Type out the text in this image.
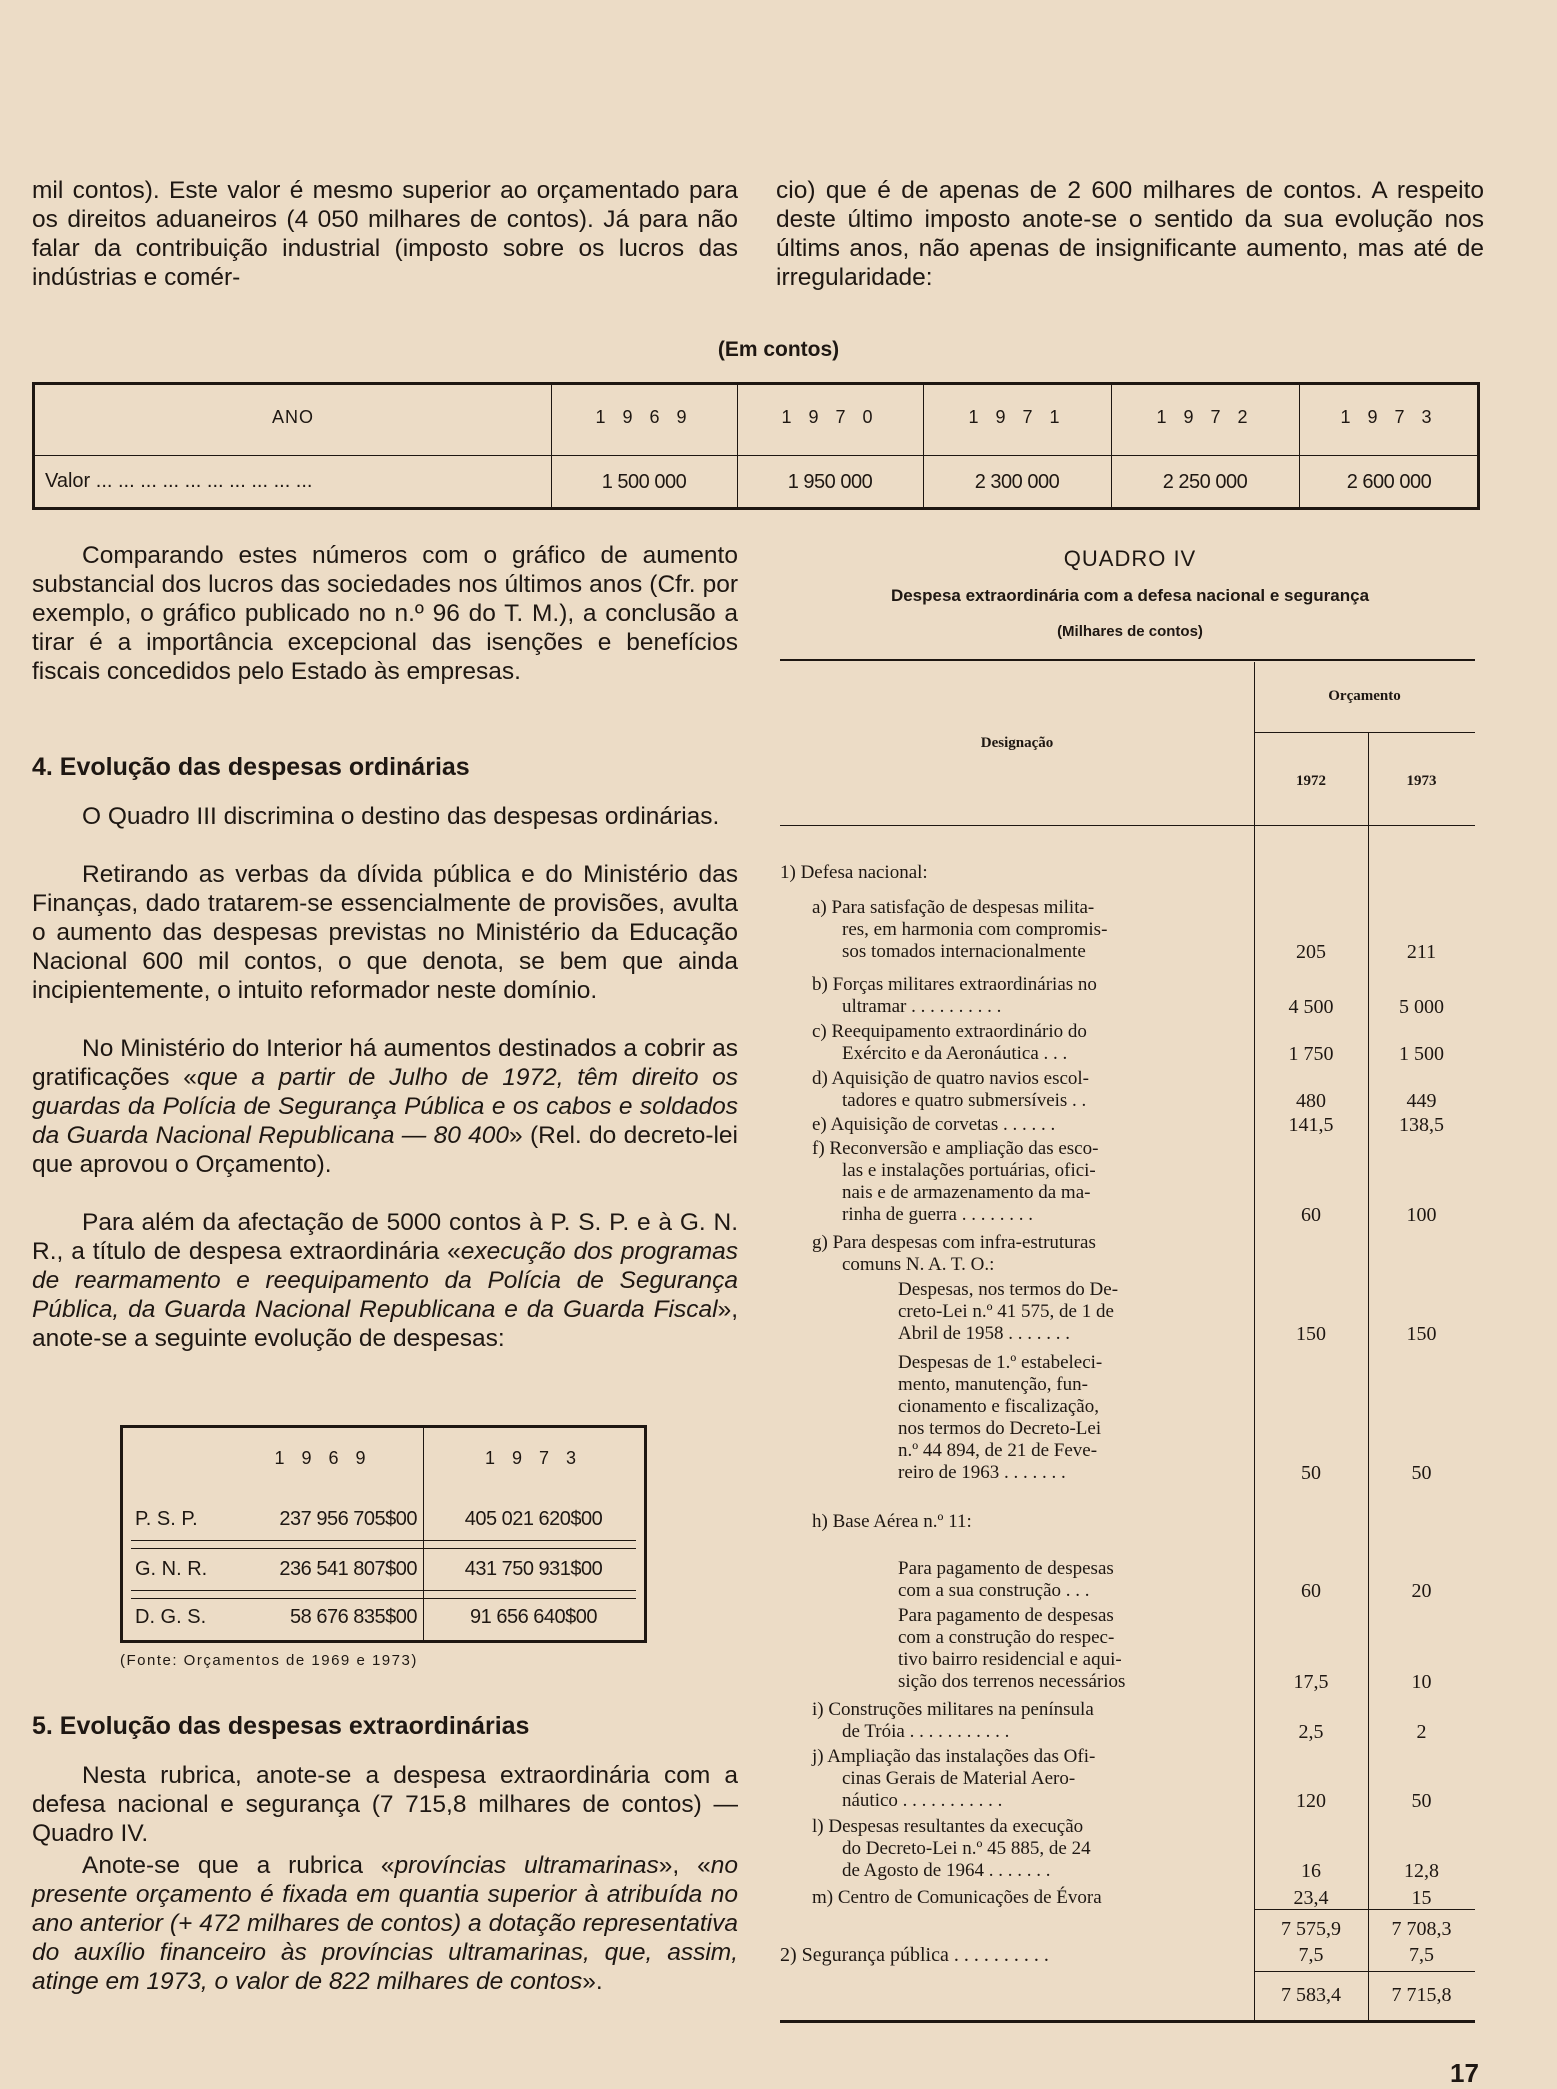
mil contos). Este valor é mesmo superior ao orçamentado para os direitos aduaneiros (4 050 milhares de contos). Já para não falar da contribuição industrial (imposto sobre os lucros das indústrias e comér-

cio) que é de apenas de 2 600 milhares de contos. A respeito deste último imposto anote-se o sentido da sua evolução nos últims anos, não apenas de insignificante aumento, mas até de irregularidade:

(Em contos)
ANO	1 9 6 9	1 9 7 0	1 9 7 1	1 9 7 2	1 9 7 3
Valor ... ... ... ... ... ... ... ... ... ...	1 500 000	1 950 000	2 300 000	2 250 000	2 600 000

Comparando estes números com o gráfico de aumento substancial dos lucros das sociedades nos últimos anos (Cfr. por exemplo, o gráfico publicado no n.º 96 do T. M.), a conclusão a tirar é a importância excepcional das isenções e benefícios fiscais concedidos pelo Estado às empresas.

4. Evolução das despesas ordinárias

O Quadro III discrimina o destino das despesas ordinárias.

Retirando as verbas da dívida pública e do Ministério das Finanças, dado tratarem-se essencialmente de provisões, avulta o aumento das despesas previstas no Ministério da Educação Nacional 600 mil contos, o que denota, se bem que ainda incipientemente, o intuito reformador neste domínio.

No Ministério do Interior há aumentos destinados a cobrir as gratificações «que a partir de Julho de 1972, têm direito os guardas da Polícia de Segurança Pública e os cabos e soldados da Guarda Nacional Republicana — 80 400» (Rel. do decreto-lei que aprovou o Orçamento).

Para além da afectação de 5000 contos à P. S. P. e à G. N. R., a título de despesa extraordinária «execução dos programas de rearmamento e reequipamento da Polícia de Segurança Pública, da Guarda Nacional Republicana e da Guarda Fiscal», anote-se a seguinte evolução de despesas:

1 9 6 9	1 9 7 3
P. S. P.	237 956 705$00	405 021 620$00
G. N. R.	236 541 807$00	431 750 931$00
D. G. S.	58 676 835$00	91 656 640$00
(Fonte: Orçamentos de 1969 e 1973)
5. Evolução das despesas extraordinárias

Nesta rubrica, anote-se a despesa extraordinária com a defesa nacional e segurança (7 715,8 milhares de contos) — Quadro IV.

Anote-se que a rubrica «províncias ultramarinas», «no presente orçamento é fixada em quantia superior à atribuída no ano anterior (+ 472 milhares de contos) a dotação representativa do auxílio financeiro às províncias ultramarinas, que, assim, atinge em 1973, o valor de 822 milhares de contos».

QUADRO IV
Despesa extraordinária com a defesa nacional e segurança
(Milhares de contos)
Designação
Orçamento
1972	1973
1) Defesa nacional:
a) Para satisfação de despesas milita-
res, em harmonia com compromis-
sos tomados internacionalmente	205	211
b) Forças militares extraordinárias no
ultramar . . . . . . . . . .	4 500	5 000
c) Reequipamento extraordinário do
Exército e da Aeronáutica . . .	1 750	1 500
d) Aquisição de quatro navios escol-
tadores e quatro submersíveis . .	480	449
e) Aquisição de corvetas . . . . . .	141,5	138,5
f) Reconversão e ampliação das esco-
las e instalações portuárias, ofici-
nais e de armazenamento da ma-
rinha de guerra . . . . . . . .	60	100
g) Para despesas com infra-estruturas
comuns N. A. T. O.:
Despesas, nos termos do De-
creto-Lei n.º 41 575, de 1 de
Abril de 1958 . . . . . . .	150	150
Despesas de 1.º estabeleci-
mento, manutenção, fun-
cionamento e fiscalização,
nos termos do Decreto-Lei
n.º 44 894, de 21 de Feve-
reiro de 1963 . . . . . . .	50	50
h) Base Aérea n.º 11:
Para pagamento de despesas
com a sua construção . . .	60	20
Para pagamento de despesas
com a construção do respec-
tivo bairro residencial e aqui-
sição dos terrenos necessários	17,5	10
i) Construções militares na península
de Tróia . . . . . . . . . . .	2,5	2
j) Ampliação das instalações das Ofi-
cinas Gerais de Material Aero-
náutico . . . . . . . . . . .	120	50
l) Despesas resultantes da execução
do Decreto-Lei n.º 45 885, de 24
de Agosto de 1964 . . . . . . .	16	12,8
m) Centro de Comunicações de Évora	23,4	15
7 575,9	7 708,3
2) Segurança pública . . . . . . . . . .	7,5	7,5
7 583,4	7 715,8
17
